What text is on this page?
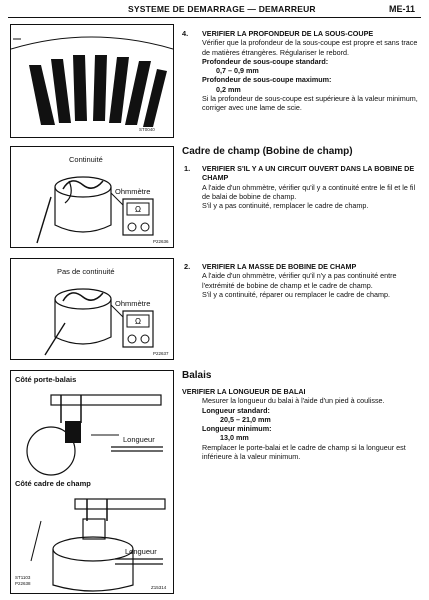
SYSTEME DE DEMARRAGE — DEMARREUR	ME-11
ST0040
Continuité
Ω
Ohmmètre
P22636
Pas de continuité
Ω
Ohmmètre
P22637
Côté porte-balais
Longueur
Côté cadre de champ
Longueur
ST1103
P22638
Z15314
4. VERIFIER LA PROFONDEUR DE LA SOUS-COUPE

Vérifier que la profondeur de la sous-coupe est propre et sans trace de matières étrangères. Régulariser le rebord.

Profondeur de sous-coupe standard:

0,7 – 0,9 mm

Profondeur de sous-coupe maximum:

0,2 mm

Si la profondeur de sous-coupe est supérieure à la valeur minimum, corriger avec une lame de scie.

Cadre de champ (Bobine de champ)
1. VERIFIER S'IL Y A UN CIRCUIT OUVERT DANS LA BOBINE DE CHAMP

A l'aide d'un ohmmètre, vérifier qu'il y a continuité entre le fil et le fil de balai de bobine de champ.

S'il y a pas continuité, remplacer le cadre de champ.

2. VERIFIER LA MASSE DE BOBINE DE CHAMP

A l'aide d'un ohmmètre, vérifier qu'il n'y a pas continuité entre l'extrémité de bobine de champ et le cadre de champ.

S'il y a continuité, réparer ou remplacer le cadre de champ.

Balais

VERIFIER LA LONGUEUR DE BALAI

Mesurer la longueur du balai à l'aide d'un pied à coulisse.

Longueur standard:

20,5 – 21,0 mm

Longueur minimum:

13,0 mm

Remplacer le porte-balai et le cadre de champ si la longueur est inférieure à la valeur minimum.
